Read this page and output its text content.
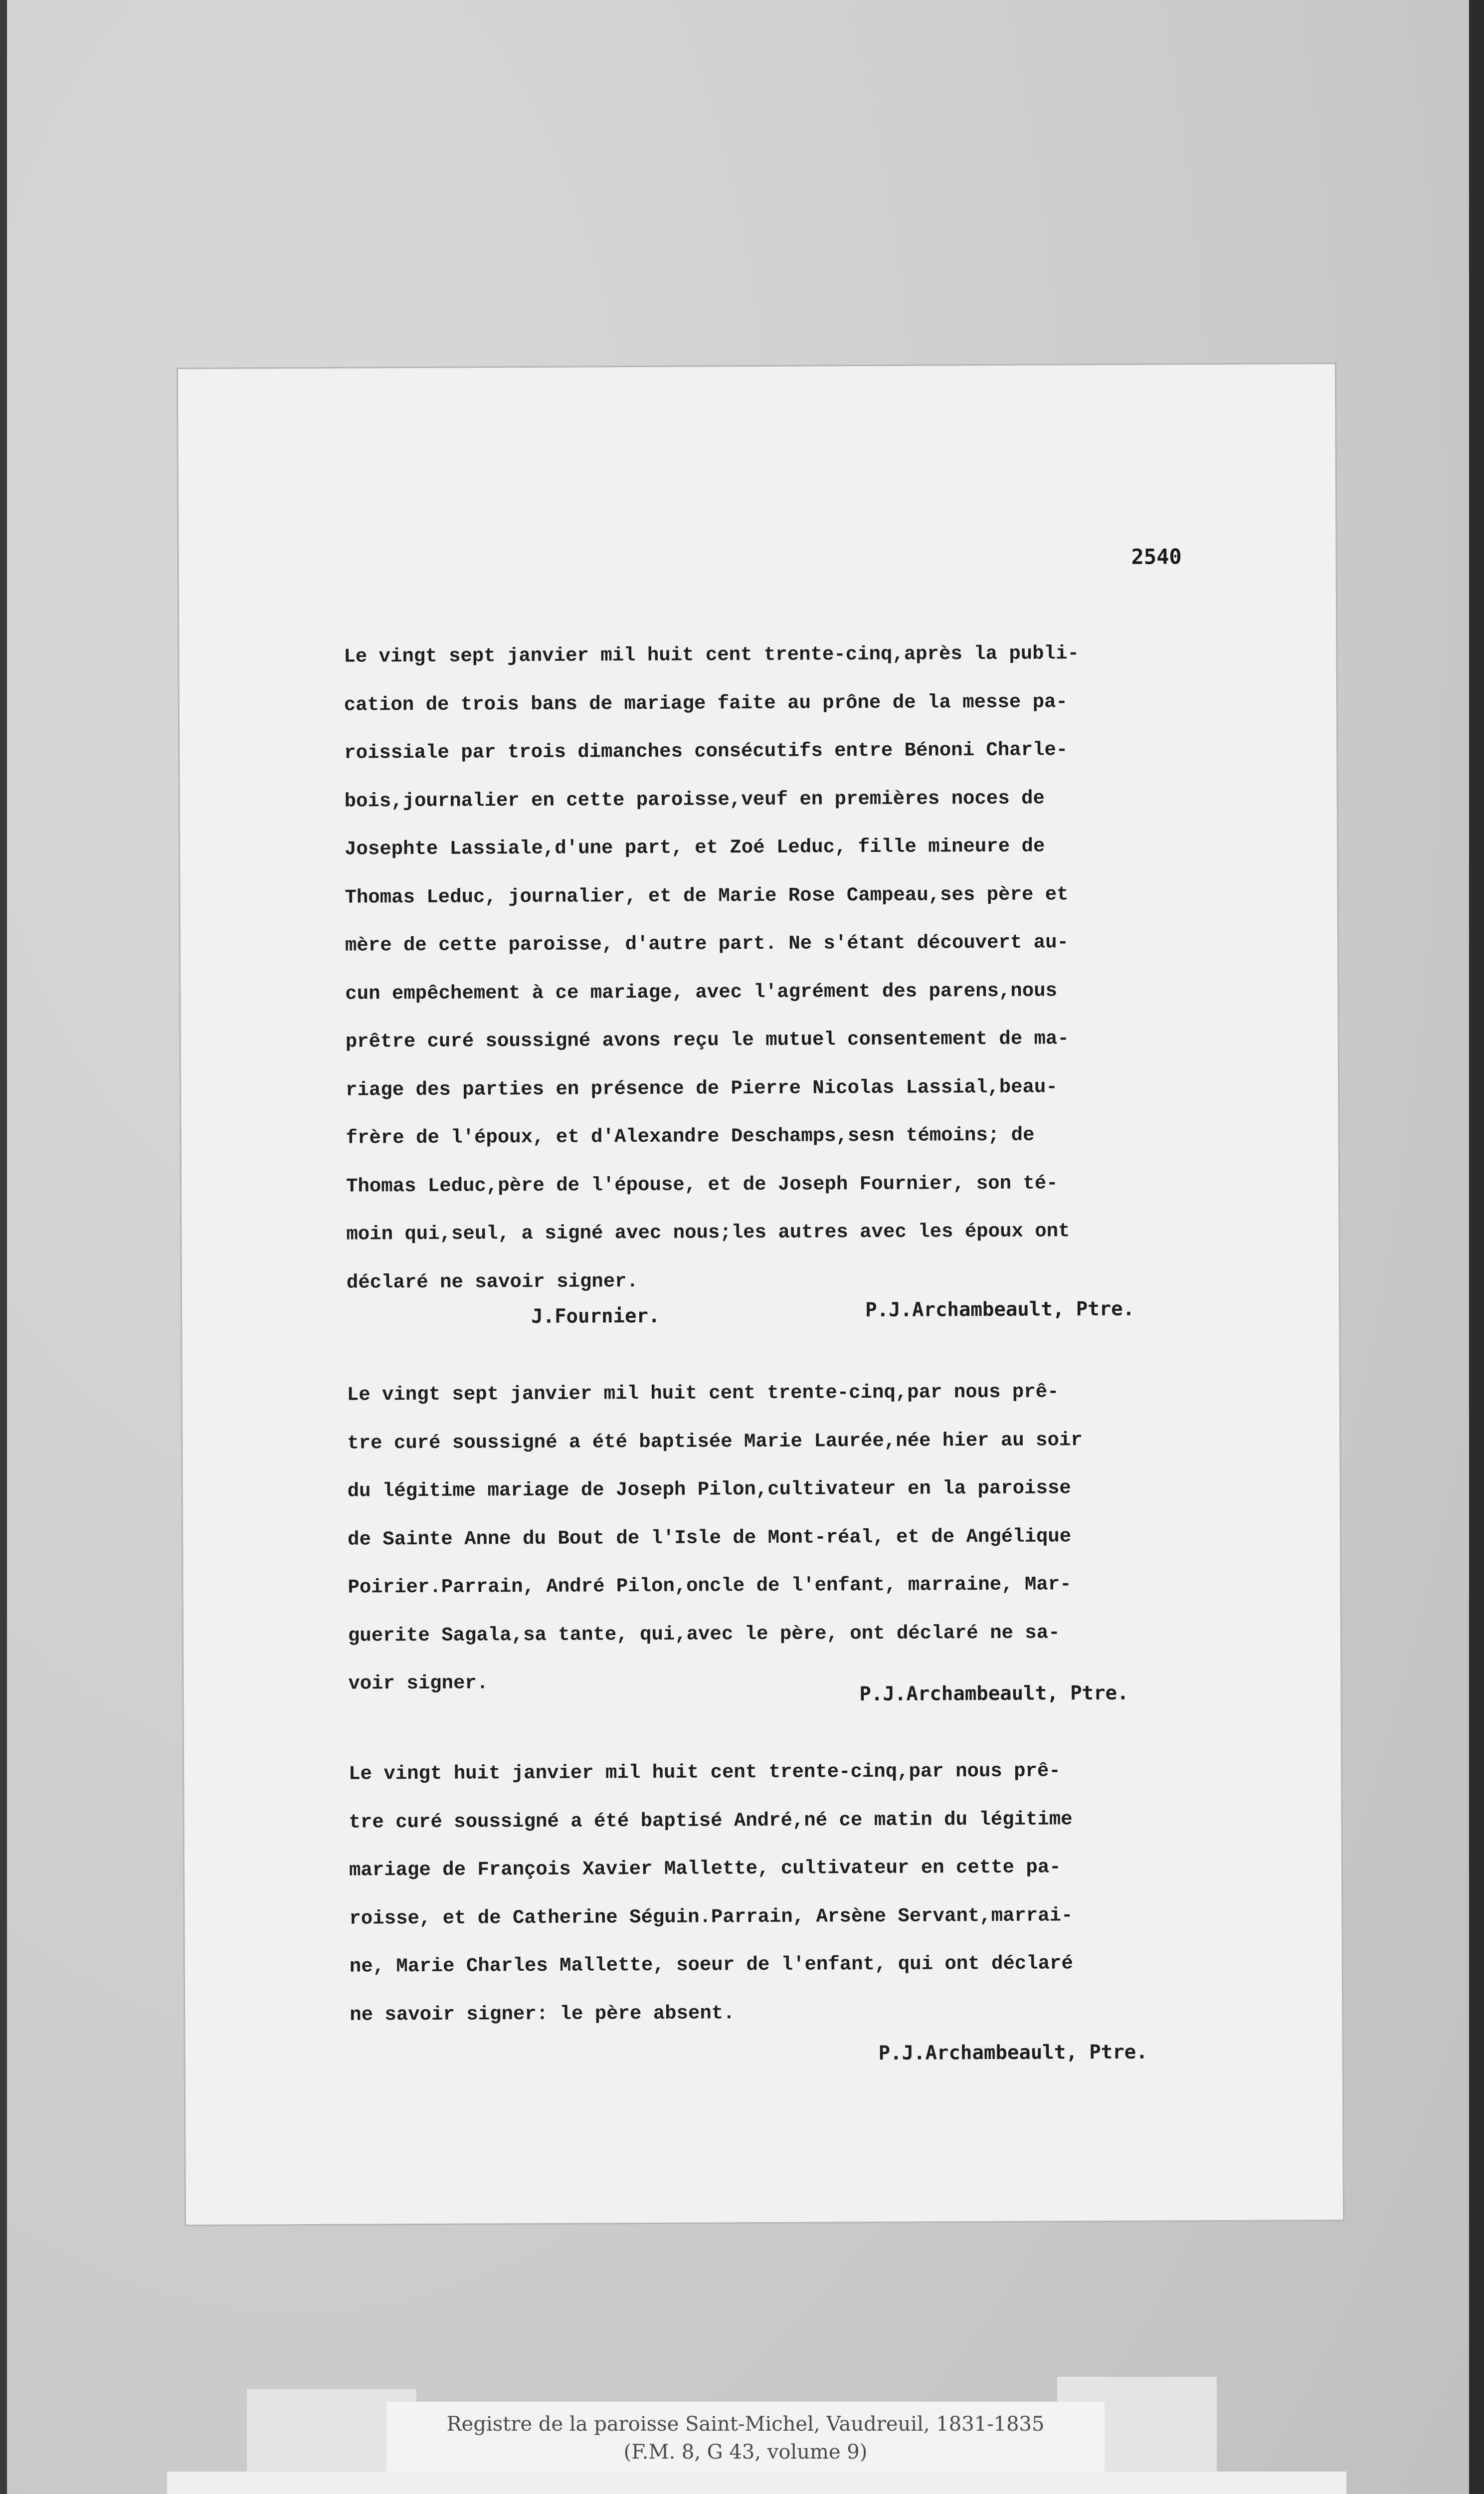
2540
Le vingt sept janvier mil huit cent trente-cinq,après la publi-
cation de trois bans de mariage faite au prône de la messe pa-
roissiale par trois dimanches consécutifs entre Bénoni Charle-
bois,journalier en cette paroisse,veuf en premières noces de
Josephte Lassiale,d'une part, et Zoé Leduc, fille mineure de
Thomas Leduc, journalier, et de Marie Rose Campeau,ses père et
mère de cette paroisse, d'autre part. Ne s'étant découvert au-
cun empêchement à ce mariage, avec l'agrément des parens,nous
prêtre curé soussigné avons reçu le mutuel consentement de ma-
riage des parties en présence de Pierre Nicolas Lassial,beau-
frère de l'époux, et d'Alexandre Deschamps,sesn témoins; de
Thomas Leduc,père de l'épouse, et de Joseph Fournier, son té-
moin qui,seul, a signé avec nous;les autres avec les époux ont
déclaré ne savoir signer.
J.Fournier.	P.J.Archambeault, Ptre.
Le vingt sept janvier mil huit cent trente-cinq,par nous prê-
tre curé soussigné a été baptisée Marie Laurée,née hier au soir
du légitime mariage de Joseph Pilon,cultivateur en la paroisse
de Sainte Anne du Bout de l'Isle de Mont-réal, et de Angélique
Poirier.Parrain, André Pilon,oncle de l'enfant, marraine, Mar-
guerite Sagala,sa tante, qui,avec le père, ont déclaré ne sa-
voir signer.	P.J.Archambeault, Ptre.
Le vingt huit janvier mil huit cent trente-cinq,par nous prê-
tre curé soussigné a été baptisé André,né ce matin du légitime
mariage de François Xavier Mallette, cultivateur en cette pa-
roisse, et de Catherine Séguin.Parrain, Arsène Servant,marrai-
ne, Marie Charles Mallette, soeur de l'enfant, qui ont déclaré
ne savoir signer: le père absent.
P.J.Archambeault, Ptre.

Registre de la paroisse Saint-Michel, Vaudreuil, 1831-1835

(F.M. 8, G 43, volume 9)
